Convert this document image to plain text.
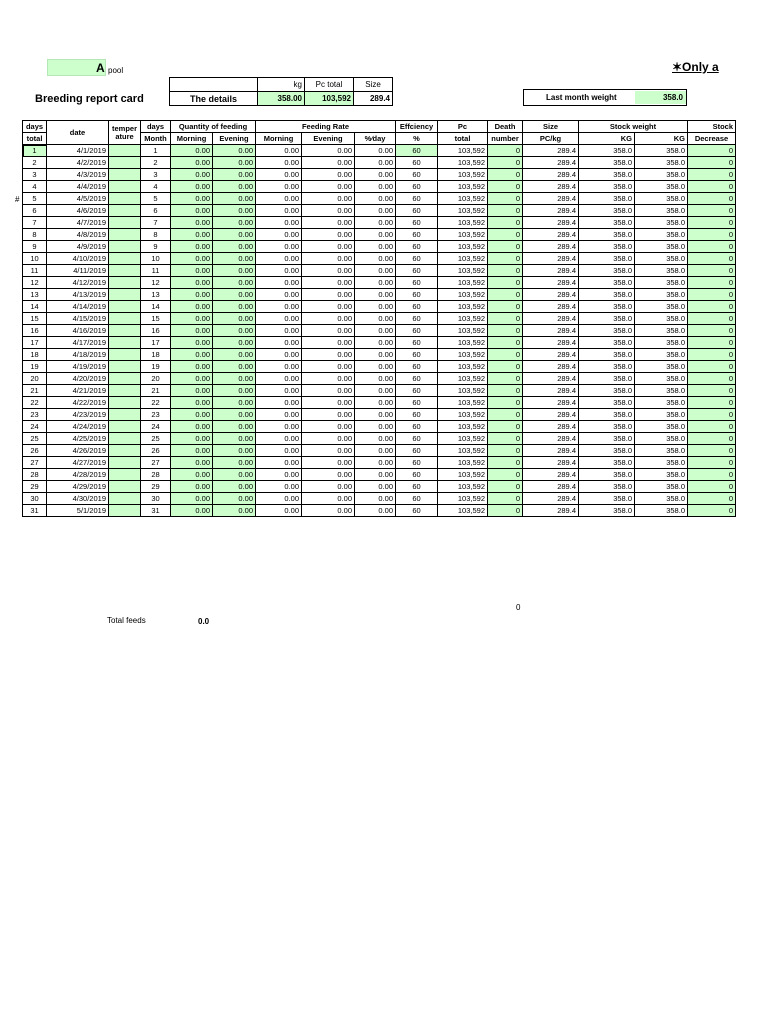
A pool	✶Only a
Breeding report card
	kg	Pc total	Size
The details	358.00	103,592	289.4	Last month weight	358.0
#
days	date	temper
ature	days	Quantity of feeding		Feeding Rate			Effciency	Pc	Death	Size	Stock weight		Stock
total			Month	Morning	Evening	Morning	Evening	%∕day	%	total	number	PC/kg	KG	KG	Decrease
1	4/1/2019		1	0.00	0.00	0.00	0.00	0.00	60	103,592	0	289.4	358.0	358.0	0
2	4/2/2019		2	0.00	0.00	0.00	0.00	0.00	60	103,592	0	289.4	358.0	358.0	0
3	4/3/2019		3	0.00	0.00	0.00	0.00	0.00	60	103,592	0	289.4	358.0	358.0	0
4	4/4/2019		4	0.00	0.00	0.00	0.00	0.00	60	103,592	0	289.4	358.0	358.0	0
5	4/5/2019		5	0.00	0.00	0.00	0.00	0.00	60	103,592	0	289.4	358.0	358.0	0
6	4/6/2019		6	0.00	0.00	0.00	0.00	0.00	60	103,592	0	289.4	358.0	358.0	0
7	4/7/2019		7	0.00	0.00	0.00	0.00	0.00	60	103,592	0	289.4	358.0	358.0	0
8	4/8/2019		8	0.00	0.00	0.00	0.00	0.00	60	103,592	0	289.4	358.0	358.0	0
9	4/9/2019		9	0.00	0.00	0.00	0.00	0.00	60	103,592	0	289.4	358.0	358.0	0
10	4/10/2019		10	0.00	0.00	0.00	0.00	0.00	60	103,592	0	289.4	358.0	358.0	0
11	4/11/2019		11	0.00	0.00	0.00	0.00	0.00	60	103,592	0	289.4	358.0	358.0	0
12	4/12/2019		12	0.00	0.00	0.00	0.00	0.00	60	103,592	0	289.4	358.0	358.0	0
13	4/13/2019		13	0.00	0.00	0.00	0.00	0.00	60	103,592	0	289.4	358.0	358.0	0
14	4/14/2019		14	0.00	0.00	0.00	0.00	0.00	60	103,592	0	289.4	358.0	358.0	0
15	4/15/2019		15	0.00	0.00	0.00	0.00	0.00	60	103,592	0	289.4	358.0	358.0	0
16	4/16/2019		16	0.00	0.00	0.00	0.00	0.00	60	103,592	0	289.4	358.0	358.0	0
17	4/17/2019		17	0.00	0.00	0.00	0.00	0.00	60	103,592	0	289.4	358.0	358.0	0
18	4/18/2019		18	0.00	0.00	0.00	0.00	0.00	60	103,592	0	289.4	358.0	358.0	0
19	4/19/2019		19	0.00	0.00	0.00	0.00	0.00	60	103,592	0	289.4	358.0	358.0	0
20	4/20/2019		20	0.00	0.00	0.00	0.00	0.00	60	103,592	0	289.4	358.0	358.0	0
21	4/21/2019		21	0.00	0.00	0.00	0.00	0.00	60	103,592	0	289.4	358.0	358.0	0
22	4/22/2019		22	0.00	0.00	0.00	0.00	0.00	60	103,592	0	289.4	358.0	358.0	0
23	4/23/2019		23	0.00	0.00	0.00	0.00	0.00	60	103,592	0	289.4	358.0	358.0	0
24	4/24/2019		24	0.00	0.00	0.00	0.00	0.00	60	103,592	0	289.4	358.0	358.0	0
25	4/25/2019		25	0.00	0.00	0.00	0.00	0.00	60	103,592	0	289.4	358.0	358.0	0
26	4/26/2019		26	0.00	0.00	0.00	0.00	0.00	60	103,592	0	289.4	358.0	358.0	0
27	4/27/2019		27	0.00	0.00	0.00	0.00	0.00	60	103,592	0	289.4	358.0	358.0	0
28	4/28/2019		28	0.00	0.00	0.00	0.00	0.00	60	103,592	0	289.4	358.0	358.0	0
29	4/29/2019		29	0.00	0.00	0.00	0.00	0.00	60	103,592	0	289.4	358.0	358.0	0
30	4/30/2019		30	0.00	0.00	0.00	0.00	0.00	60	103,592	0	289.4	358.0	358.0	0
31	5/1/2019		31	0.00	0.00	0.00	0.00	0.00	60	103,592	0	289.4	358.0	358.0	0
0
Total feeds	0.0
